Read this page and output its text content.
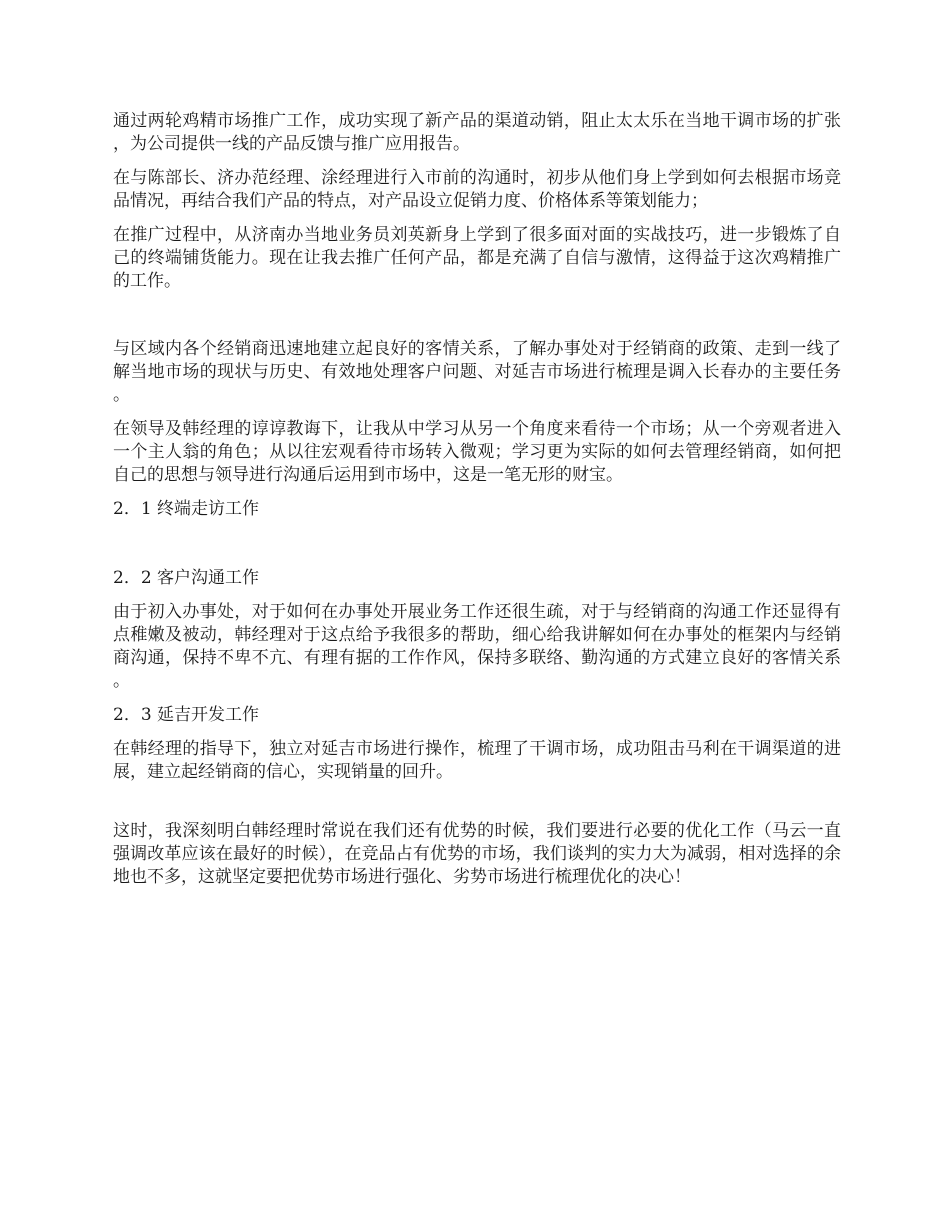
通过两轮鸡精市场推广工作，成功实现了新产品的渠道动销，阻止太太乐在当地干调市场的扩张，为公司提供一线的产品反馈与推广应用报告。

在与陈部长、济办范经理、涂经理进行入市前的沟通时，初步从他们身上学到如何去根据市场竞品情况，再结合我们产品的特点，对产品设立促销力度、价格体系等策划能力；

在推广过程中，从济南办当地业务员刘英新身上学到了很多面对面的实战技巧，进一步锻炼了自己的终端铺货能力。现在让我去推广任何产品，都是充满了自信与激情，这得益于这次鸡精推广的工作。

与区域内各个经销商迅速地建立起良好的客情关系，了解办事处对于经销商的政策、走到一线了解当地市场的现状与历史、有效地处理客户问题、对延吉市场进行梳理是调入长春办的主要任务。

在领导及韩经理的谆谆教诲下，让我从中学习从另一个角度来看待一个市场；从一个旁观者进入一个主人翁的角色；从以往宏观看待市场转入微观；学习更为实际的如何去管理经销商，如何把自己的思想与领导进行沟通后运用到市场中，这是一笔无形的财宝。

2．1 终端走访工作

2．2 客户沟通工作

由于初入办事处，对于如何在办事处开展业务工作还很生疏，对于与经销商的沟通工作还显得有点稚嫩及被动，韩经理对于这点给予我很多的帮助，细心给我讲解如何在办事处的框架内与经销商沟通，保持不卑不亢、有理有据的工作作风，保持多联络、勤沟通的方式建立良好的客情关系。

2．3 延吉开发工作

在韩经理的指导下，独立对延吉市场进行操作，梳理了干调市场，成功阻击马利在干调渠道的进展，建立起经销商的信心，实现销量的回升。

这时，我深刻明白韩经理时常说在我们还有优势的时候，我们要进行必要的优化工作（马云一直强调改革应该在最好的时候），在竞品占有优势的市场，我们谈判的实力大为减弱，相对选择的余地也不多，这就坚定要把优势市场进行强化、劣势市场进行梳理优化的决心！
